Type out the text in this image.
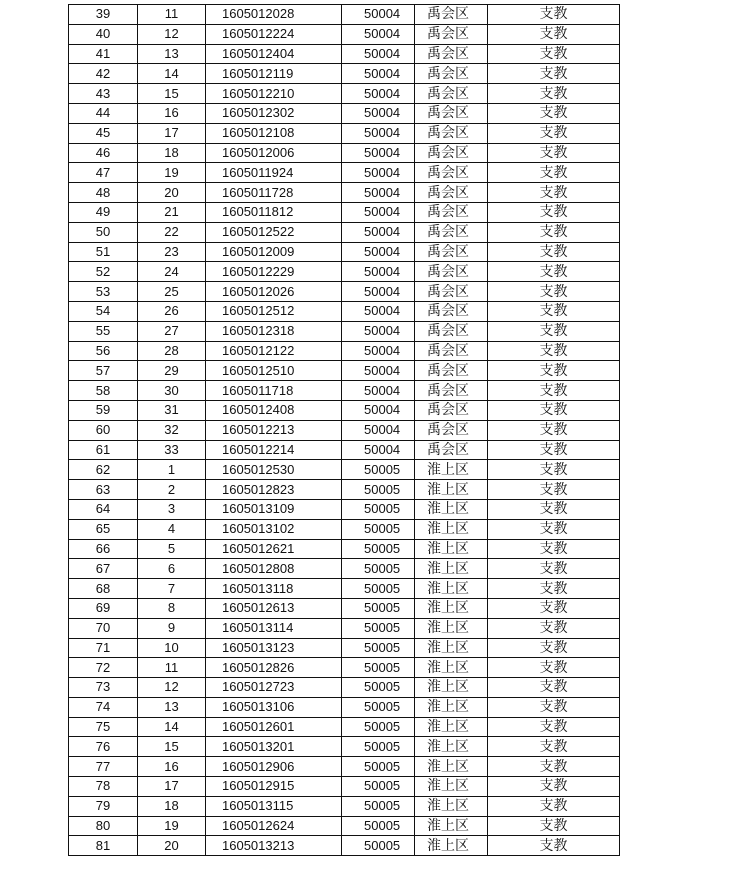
39	11	1605012028	50004	禹会区	支教
40	12	1605012224	50004	禹会区	支教
41	13	1605012404	50004	禹会区	支教
42	14	1605012119	50004	禹会区	支教
43	15	1605012210	50004	禹会区	支教
44	16	1605012302	50004	禹会区	支教
45	17	1605012108	50004	禹会区	支教
46	18	1605012006	50004	禹会区	支教
47	19	1605011924	50004	禹会区	支教
48	20	1605011728	50004	禹会区	支教
49	21	1605011812	50004	禹会区	支教
50	22	1605012522	50004	禹会区	支教
51	23	1605012009	50004	禹会区	支教
52	24	1605012229	50004	禹会区	支教
53	25	1605012026	50004	禹会区	支教
54	26	1605012512	50004	禹会区	支教
55	27	1605012318	50004	禹会区	支教
56	28	1605012122	50004	禹会区	支教
57	29	1605012510	50004	禹会区	支教
58	30	1605011718	50004	禹会区	支教
59	31	1605012408	50004	禹会区	支教
60	32	1605012213	50004	禹会区	支教
61	33	1605012214	50004	禹会区	支教
62	1	1605012530	50005	淮上区	支教
63	2	1605012823	50005	淮上区	支教
64	3	1605013109	50005	淮上区	支教
65	4	1605013102	50005	淮上区	支教
66	5	1605012621	50005	淮上区	支教
67	6	1605012808	50005	淮上区	支教
68	7	1605013118	50005	淮上区	支教
69	8	1605012613	50005	淮上区	支教
70	9	1605013114	50005	淮上区	支教
71	10	1605013123	50005	淮上区	支教
72	11	1605012826	50005	淮上区	支教
73	12	1605012723	50005	淮上区	支教
74	13	1605013106	50005	淮上区	支教
75	14	1605012601	50005	淮上区	支教
76	15	1605013201	50005	淮上区	支教
77	16	1605012906	50005	淮上区	支教
78	17	1605012915	50005	淮上区	支教
79	18	1605013115	50005	淮上区	支教
80	19	1605012624	50005	淮上区	支教
81	20	1605013213	50005	淮上区	支教
